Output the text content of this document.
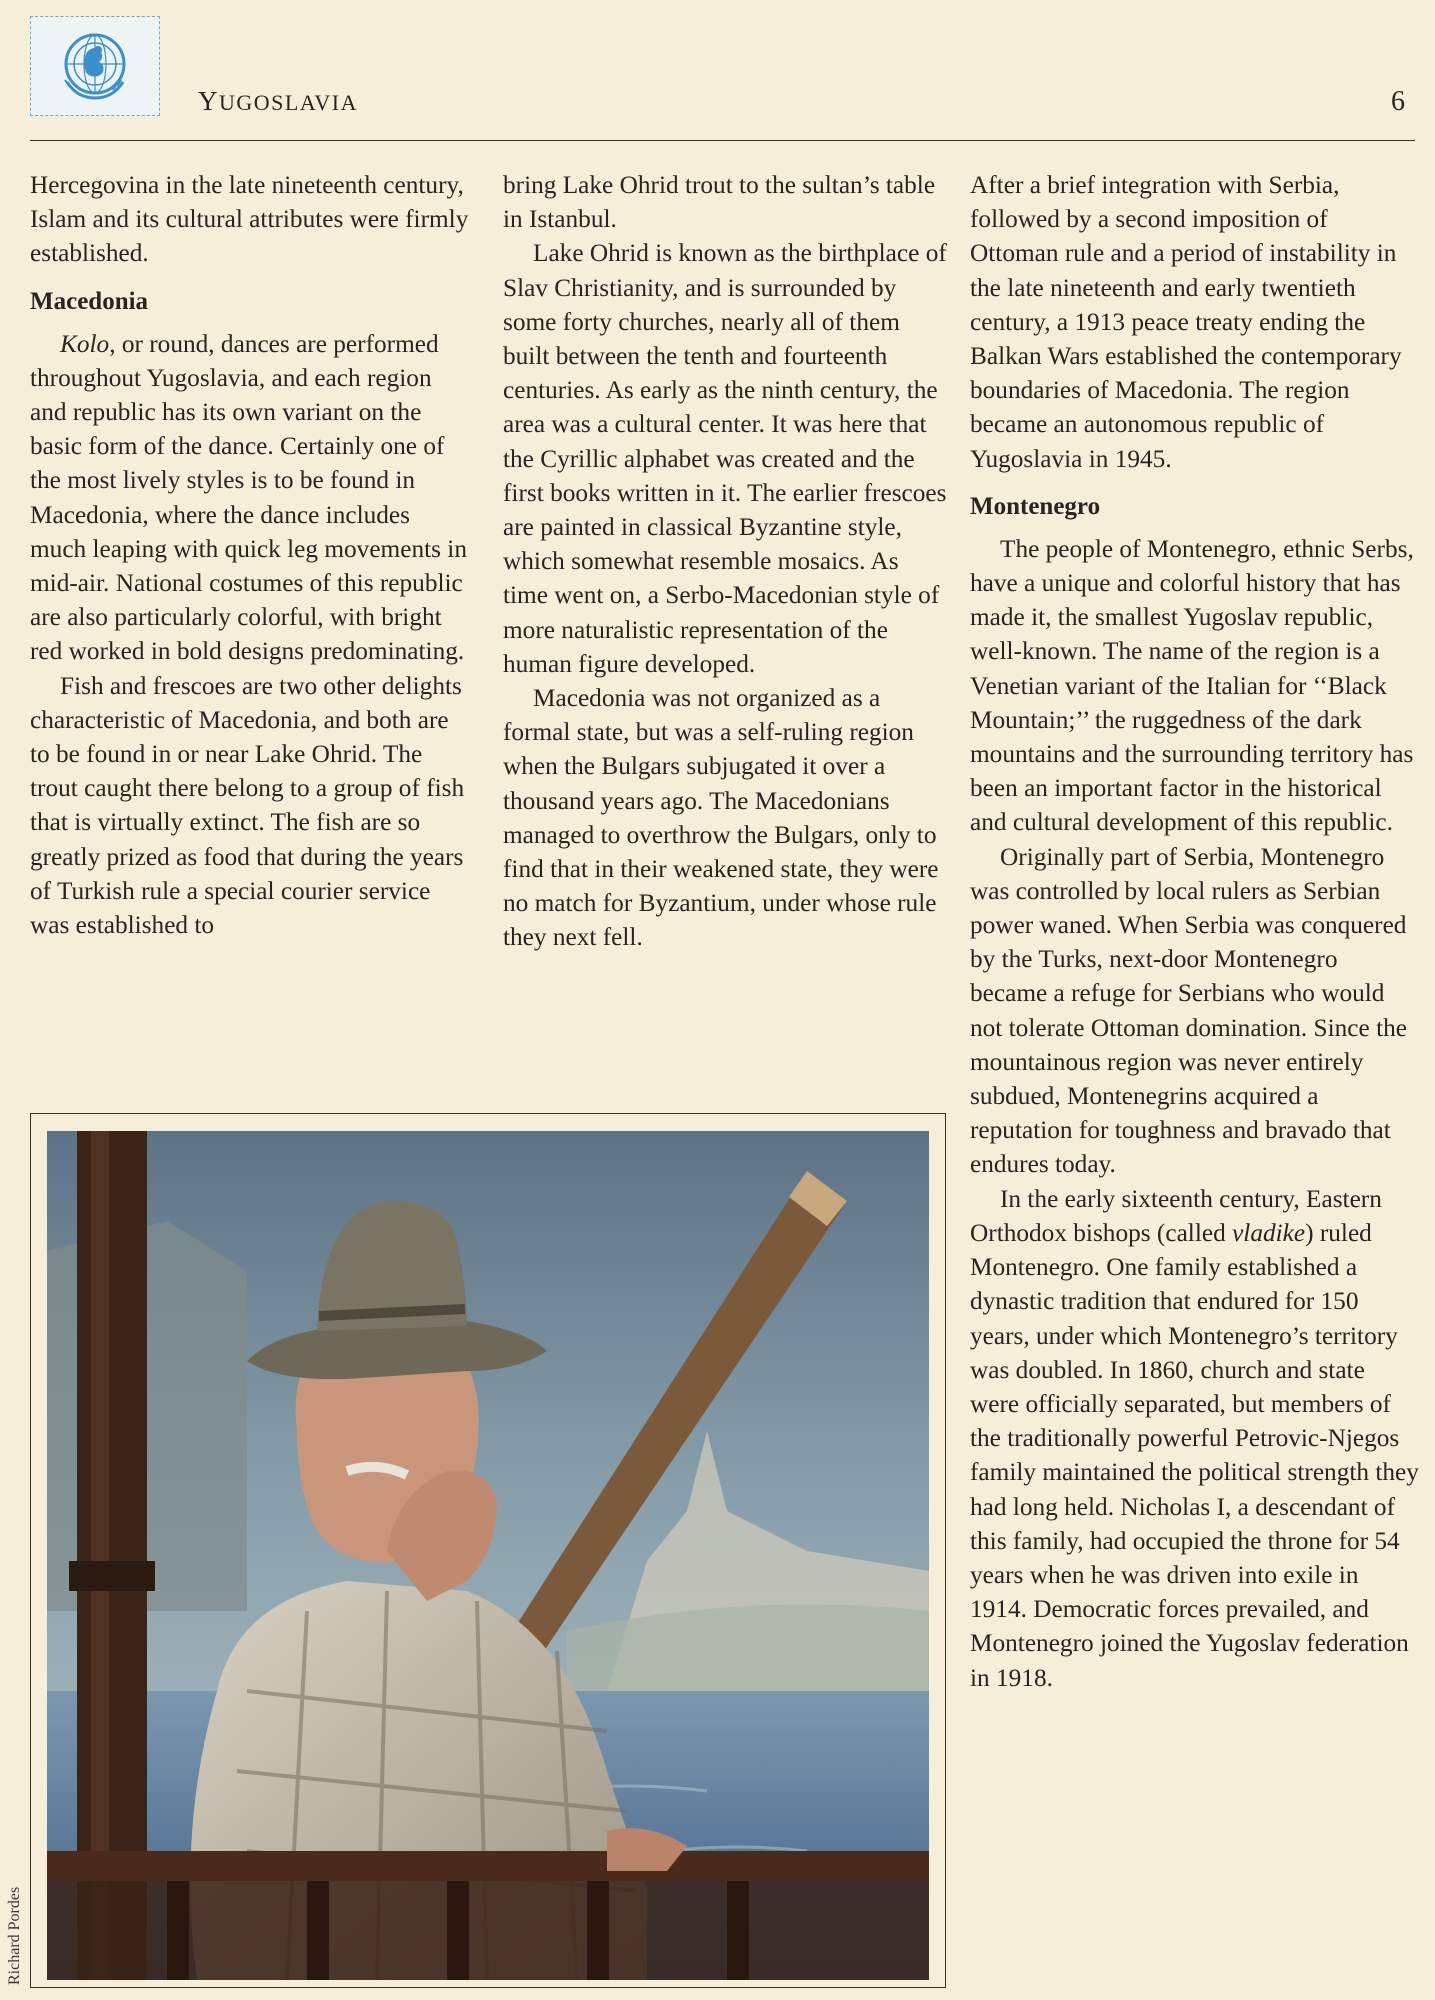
YUGOSLAVIA	6

Hercegovina in the late nineteenth century, Islam and its cultural attributes were firmly established.

Macedonia

Kolo, or round, dances are performed throughout Yugoslavia, and each region and republic has its own variant on the basic form of the dance. Certainly one of the most lively styles is to be found in Macedonia, where the dance includes much leaping with quick leg movements in mid-air. National costumes of this republic are also particularly colorful, with bright red worked in bold designs predominating.

Fish and frescoes are two other delights characteristic of Macedonia, and both are to be found in or near Lake Ohrid. The trout caught there belong to a group of fish that is virtually extinct. The fish are so greatly prized as food that during the years of Turkish rule a special courier service was established to

bring Lake Ohrid trout to the sultan’s table in Istanbul.

Lake Ohrid is known as the birthplace of Slav Christianity, and is surrounded by some forty churches, nearly all of them built between the tenth and fourteenth centuries. As early as the ninth century, the area was a cultural center. It was here that the Cyrillic alphabet was created and the first books written in it. The earlier frescoes are painted in classical Byzantine style, which somewhat resemble mosaics. As time went on, a Serbo-Macedonian style of more naturalistic representation of the human figure developed.

Macedonia was not organized as a formal state, but was a self-ruling region when the Bulgars subjugated it over a thousand years ago. The Macedonians managed to overthrow the Bulgars, only to find that in their weakened state, they were no match for Byzantium, under whose rule they next fell.

After a brief integration with Serbia, followed by a second imposition of Ottoman rule and a period of instability in the late nineteenth and early twentieth century, a 1913 peace treaty ending the Balkan Wars established the contemporary boundaries of Macedonia. The region became an autonomous republic of Yugoslavia in 1945.

Montenegro

The people of Montenegro, ethnic Serbs, have a unique and colorful history that has made it, the smallest Yugoslav republic, well-known. The name of the region is a Venetian variant of the Italian for ‘‘Black Mountain;’’ the ruggedness of the dark mountains and the surrounding territory has been an important factor in the historical and cultural development of this republic.

Originally part of Serbia, Montenegro was controlled by local rulers as Serbian power waned. When Serbia was conquered by the Turks, next-door Montenegro became a refuge for Serbians who would not tolerate Ottoman domination. Since the mountainous region was never entirely subdued, Montenegrins acquired a reputation for toughness and bravado that endures today.

In the early sixteenth century, Eastern Orthodox bishops (called vladike) ruled Montenegro. One family established a dynastic tradition that endured for 150 years, under which Montenegro’s territory was doubled. In 1860, church and state were officially separated, but members of the traditionally powerful Petrovic-Njegos family maintained the political strength they had long held. Nicholas I, a descendant of this family, had occupied the throne for 54 years when he was driven into exile in 1914. Democratic forces prevailed, and Montenegro joined the Yugoslav federation in 1918.

Richard Pordes
